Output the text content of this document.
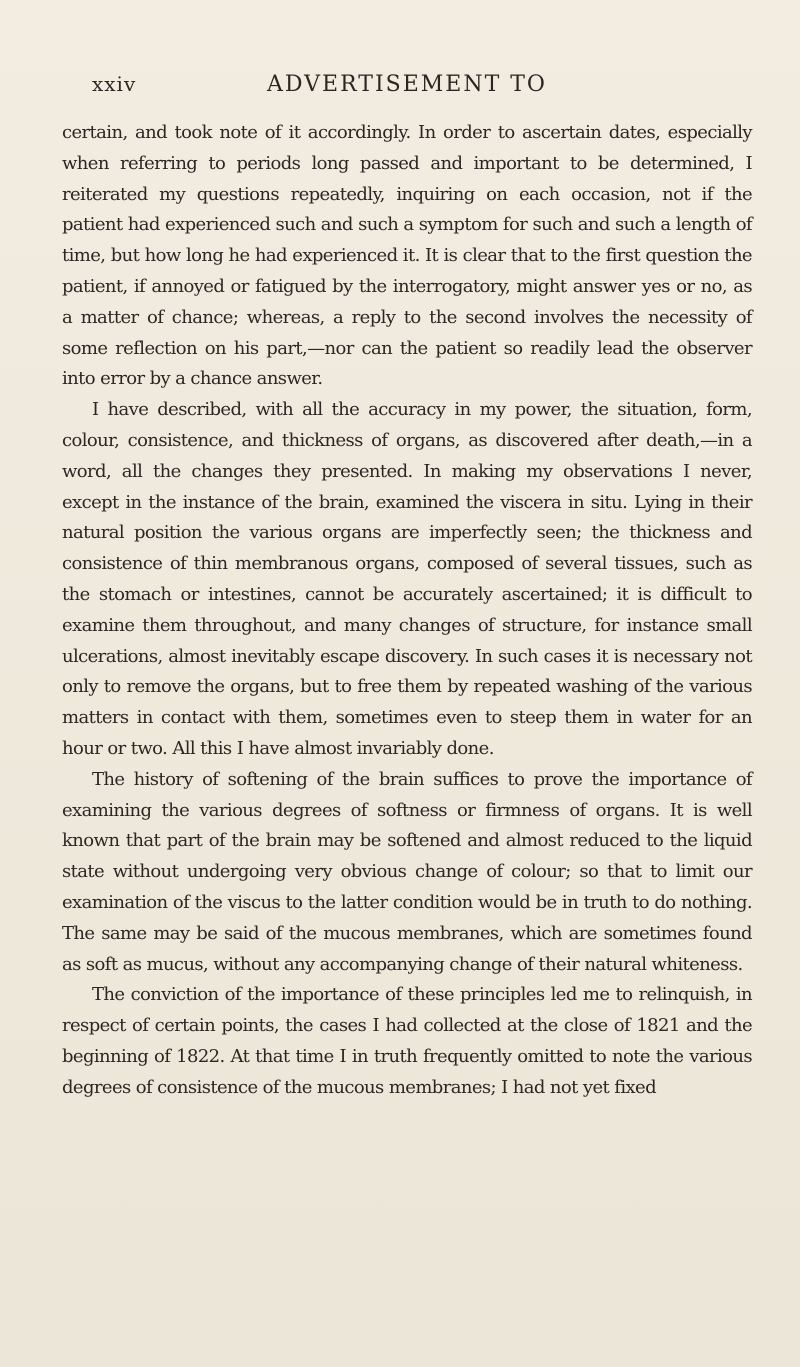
xxiv	ADVERTISEMENT TO

certain, and took note of it accordingly. In order to ascertain dates, especially when referring to periods long passed and important to be determined, I reiterated my questions repeatedly, inquiring on each occasion, not if the patient had experienced such and such a symptom for such and such a length of time, but how long he had experienced it. It is clear that to the first question the patient, if annoyed or fatigued by the interrogatory, might answer yes or no, as a matter of chance; whereas, a reply to the second involves the necessity of some reflection on his part,—nor can the patient so readily lead the observer into error by a chance answer.

I have described, with all the accuracy in my power, the situation, form, colour, consistence, and thickness of organs, as discovered after death,—in a word, all the changes they presented. In making my observations I never, except in the instance of the brain, examined the viscera in situ. Lying in their natural position the various organs are imperfectly seen; the thickness and consistence of thin membranous organs, composed of several tissues, such as the stomach or intestines, cannot be accurately ascertained; it is difficult to examine them throughout, and many changes of structure, for instance small ulcerations, almost inevitably escape discovery. In such cases it is necessary not only to remove the organs, but to free them by repeated washing of the various matters in contact with them, sometimes even to steep them in water for an hour or two. All this I have almost invariably done.

The history of softening of the brain suffices to prove the importance of examining the various degrees of softness or firmness of organs. It is well known that part of the brain may be softened and almost reduced to the liquid state without undergoing very obvious change of colour; so that to limit our examination of the viscus to the latter condition would be in truth to do nothing. The same may be said of the mucous membranes, which are sometimes found as soft as mucus, without any accompanying change of their natural whiteness.

The conviction of the importance of these principles led me to relinquish, in respect of certain points, the cases I had collected at the close of 1821 and the beginning of 1822. At that time I in truth frequently omitted to note the various degrees of consistence of the mucous membranes; I had not yet fixed
